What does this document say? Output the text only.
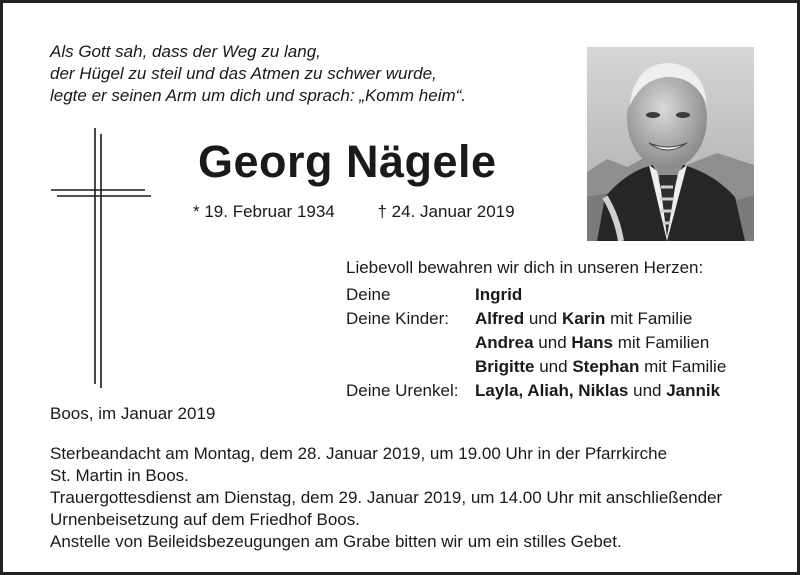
Als Gott sah, dass der Weg zu lang,
der Hügel zu steil und das Atmen zu schwer wurde,
legte er seinen Arm um dich und sprach: „Komm heim“.
Georg Nägele
* 19. Februar 1934	† 24. Januar 2019
Liebevoll bewahren wir dich in unseren Herzen:
Deine	Ingrid
Deine Kinder:	Alfred und Karin mit Familie
Andrea und Hans mit Familien
Brigitte und Stephan mit Familie
Deine Urenkel: Layla, Aliah, Niklas und Jannik
Boos, im Januar 2019
Sterbeandacht am Montag, dem 28. Januar 2019, um 19.00 Uhr in der Pfarrkirche
St. Martin in Boos.
Trauergottesdienst am Dienstag, dem 29. Januar 2019, um 14.00 Uhr mit anschließender
Urnenbeisetzung auf dem Friedhof Boos.
Anstelle von Beileidsbezeugungen am Grabe bitten wir um ein stilles Gebet.
